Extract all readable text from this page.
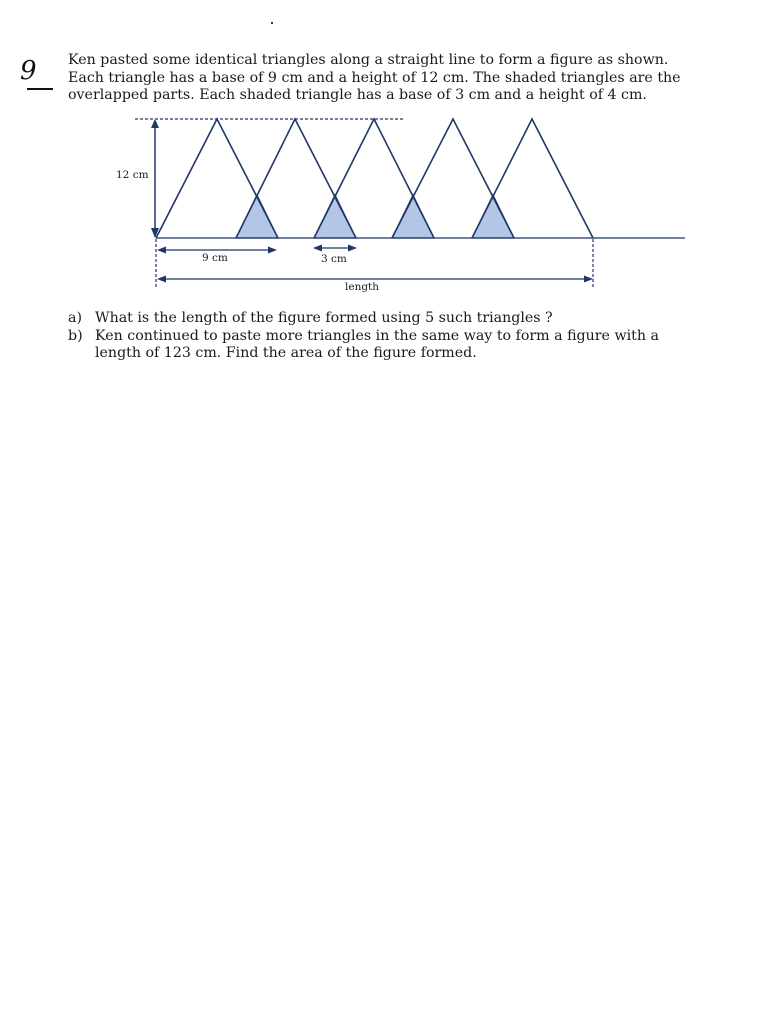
9 Ken pasted some identical triangles along a straight line to form a figure as shown. Each triangle has a base of 9 cm and a height of 12 cm. The shaded triangles are the overlapped parts. Each shaded triangle has a base of 3 cm and a height of 4 cm.

12 cm
9 cm	3 cm
length
a) What is the length of the figure formed using 5 such triangles ?
b) Ken continued to paste more triangles in the same way to form a figure with a length of 123 cm. Find the area of the figure formed.
